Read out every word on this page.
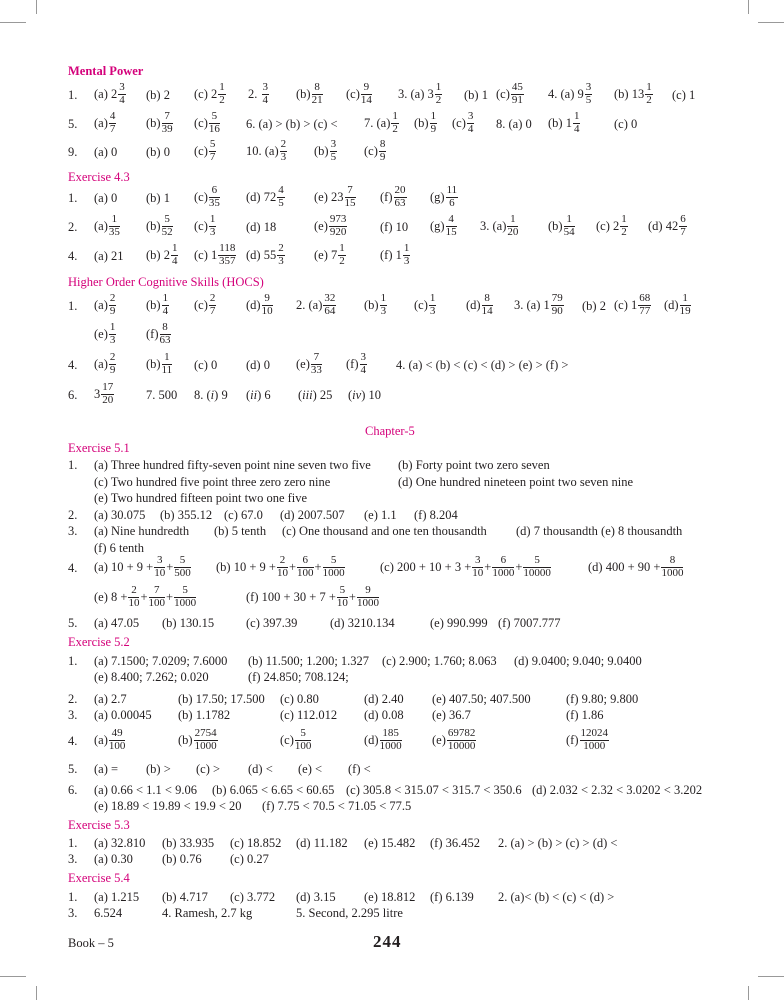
Mental Power
1. (a) $2 \frac{3}{4} (b)$ 2 (c) $2 \frac{1}{2} 2$. $\frac{3}{4} (b) \frac{8}{21} (c) \frac{9}{14} 3$. (a) $3 \frac{1}{2} (b)$ 1 $(c) \frac{45}{91} 4$. (a) $9 \frac{3}{5} (b)$ $13 \frac{1}{2} (c)$ 1
5. $(a) \frac{4}{7} (b) \frac{7}{39} (c) \frac{5}{16} 6$. (a) > (b) > (c) < 7. $(a) \frac{1}{2} (b) \frac{1}{9} (c) \frac{3}{4} 8$. (a) 0 (b) $1 \frac{1}{4}$	(c) 0
9. (a) 0 (b) 0 $(c) \frac{5}{7} 10$. $(a) \frac{2}{3} (b) \frac{3}{5} (c) \frac{8}{9}$
Exercise 4.3
1. (a) 0 (b) 1 $(c) \frac{6}{35} (d)$ $72 \frac{4}{5} (e)$ $23 \frac{7}{15} (f) \frac{20}{63} (g) \frac{11}{6}$
2. $(a) \frac{1}{35} (b) \frac{5}{52} (c) \frac{1}{3} (d)$ 18	$(e) \frac{973}{920}$	(f) 10 $(g) \frac{4}{15} 3$. $(a) \frac{1}{20} (b) \frac{1}{54} (c)$ $2 \frac{1}{2} (d)$ $42 \frac{6}{7}$
4. (a) 21 (b) $2 \frac{1}{4} (c)$ $1 \frac{118}{357} (d)$ $55 \frac{2}{3} (e)$ $7 \frac{1}{2}$	(f) $1 \frac{1}{3}$
Higher Order Cognitive Skills (HOCS)
1. $(a) \frac{2}{9} (b) \frac{1}{4} (c) \frac{2}{7} (d) \frac{9}{10} 2$. $(a) \frac{32}{64} (b) \frac{1}{3} (c) \frac{1}{3} (d) \frac{8}{14} 3$. (a) $1 \frac{79}{90} (b)$ 2 (c) $1 \frac{68}{77} (d) \frac{1}{19}$
$(e) \frac{1}{3} (f) \frac{8}{63}$
4. $(a) \frac{2}{9} (b) \frac{1}{11} (c)$ 0 (d) 0 $(e) \frac{7}{33} (f) \frac{3}{4} 4$. (a) < (b) < (c) < (d) > (e) > (f) >
6. $3 \frac{17}{20}$	7. 500 8. (i) 9 (ii) 6 (iii) 25 (iv) 10
Chapter-5
Exercise 5.1
1. (a) Three hundred fifty-seven point nine seven two five (b) Forty point two zero seven
(c) Two hundred five point three zero zero nine	(d) One hundred nineteen point two seven nine
(e) Two hundred fifteen point two one five
2. (a) 30.075 (b) 355.12 (c) 67.0 (d) 2007.507 (e) 1.1 (f) 8.204
3. (a) Nine hundredth (b) 5 tenth (c) One thousand and one ten thousandth (d) 7 thousandth (e) 8 thousandth
(f) 6 tenth
4. (a) $10 + 9 + \frac{3}{10} + \frac{5}{500} (b) 10 + 9 + \frac{2}{10} + \frac{6}{100} + \frac{5}{1000}$	(c) $200 + 10 + 3 + \frac{3}{10} + \frac{6}{1000} + \frac{5}{10000}$	(d) $400 + 90 + \frac{8}{1000}$
(e) $8 + \frac{2}{10} + \frac{7}{100} + \frac{5}{1000}$	(f) $100 + 30 + 7 + \frac{5}{10} + \frac{9}{1000}$
5. (a) 47.05 (b) 130.15	(c) 397.39	(d) 3210.134	(e) 990.999 (f) 7007.777
Exercise 5.2
1. (a) 7.1500; 7.0209; 7.6000 (b) 11.500; 1.200; 1.327 (c) 2.900; 1.760; 8.063 (d) 9.0400; 9.040; 9.0400
(e) 8.400; 7.262; 0.020	(f) 24.850; 708.124;
2. (a) 2.7	(b) 17.50; 17.500 (c) 0.80	(d) 2.40 (e) 407.50; 407.500	(f) 9.80; 9.800
3. (a) 0.00045 (b) 1.1782	(c) 112.012 (d) 0.08 (e) 36.7	(f) 1.86
4. $(a) \frac{49}{100}$	$(b) \frac{2754}{1000}$	$(c) \frac{5}{100}$	$(d) \frac{185}{1000} (e) \frac{69782}{10000}$	$(f) \frac{12024}{1000}$
5. (a) = (b) > (c) > (d) < (e) < (f) <
6. (a) 0.66 < 1.1 < 9.06 (b) 6.065 < 6.65 < 60.65 (c) 305.8 < 315.07 < 315.7 < 350.6 (d) 2.032 < 2.32 < 3.0202 < 3.202
(e) 18.89 < 19.89 < 19.9 < 20 (f) 7.75 < 70.5 < 71.05 < 77.5
Exercise 5.3
1. (a) 32.810 (b) 33.935 (c) 18.852 (d) 11.182 (e) 15.482 (f) 36.452 2. (a) > (b) > (c) > (d) <
3. (a) 0.30 (b) 0.76 (c) 0.27
Exercise 5.4
1. (a) 1.215 (b) 4.717 (c) 3.772 (d) 3.15 (e) 18.812 (f) 6.139 2. (a)< (b) < (c) < (d) >
3. 6.524	4. Ramesh, 2.7 kg	5. Second, 2.295 litre
Book – 5	244
